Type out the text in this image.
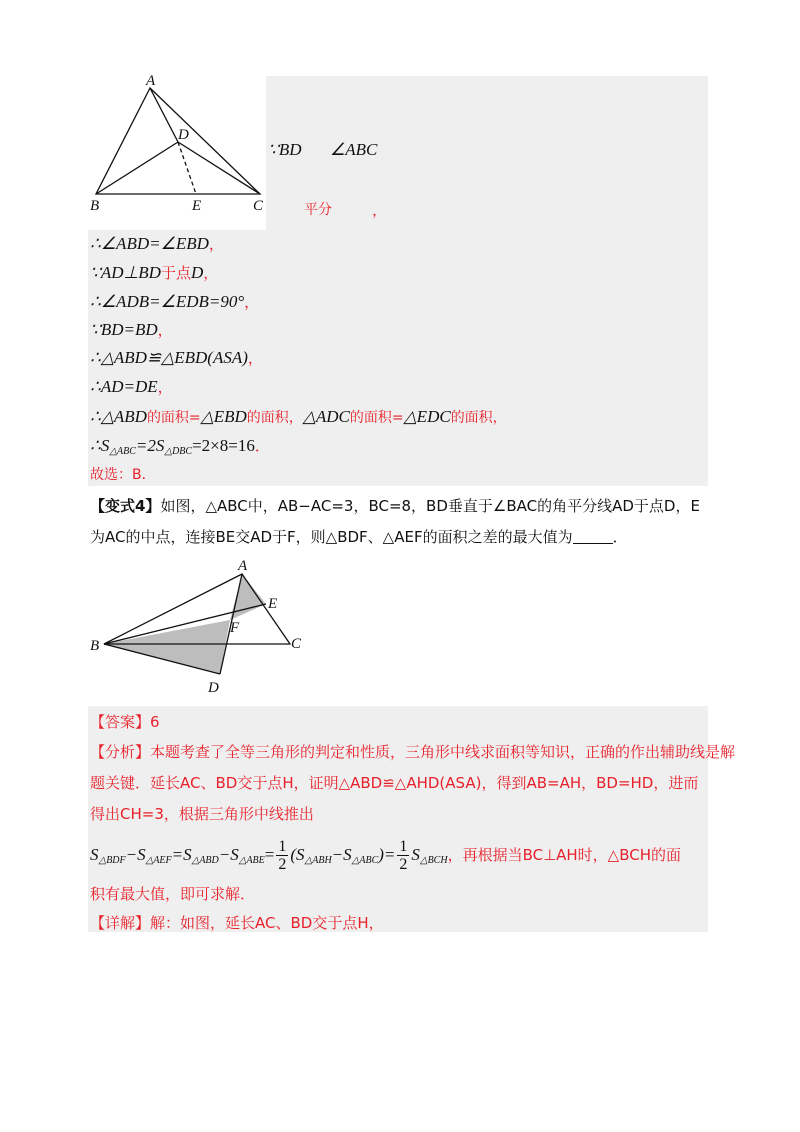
A
D
B	E	C
∵BD ∠ABC
平分	，
∴∠ABD=∠EBD，
∵AD⊥BD于点D，
∴∠ADB=∠EDB=90°，
∵BD=BD，
∴△ABD≌△EBD(ASA)，
∴AD=DE，
∴△ABD的面积=△EBD的面积，△ADC的面积=△EDC的面积，
$\therefore S_{\triangle ABC}=2S_{\triangle DBC}=2\times 8=16$．
故选：B．
【变式4】如图，△ABC中，AB−AC=3，BC=8，BD垂直于∠BAC的角平分线AD于点D，E
为AC的中点，连接BE交AD于F，则△BDF、△AEF的面积之差的最大值为	．
A
E
F
B	C
D
【答案】6
【分析】本题考查了全等三角形的判定和性质，三角形中线求面积等知识，正确的作出辅助线是解
题关键．延长AC、BD交于点H，证明△ABD≌△AHD(ASA)，得到AB=AH，BD=HD，进而
得出CH=3，根据三角形中线推出
$S_{\triangle BDF}-S_{\triangle AEF}=S_{\triangle ABD}-S_{\triangle ABE}= \frac{1}{2} (S_{\triangle ABH}-S_{\triangle ABC})= \frac{1}{2} S_{\triangle BCH}$，再根据当BC⊥AH时，△BCH的面
积有最大值，即可求解．
【详解】解：如图，延长AC、BD交于点H，
